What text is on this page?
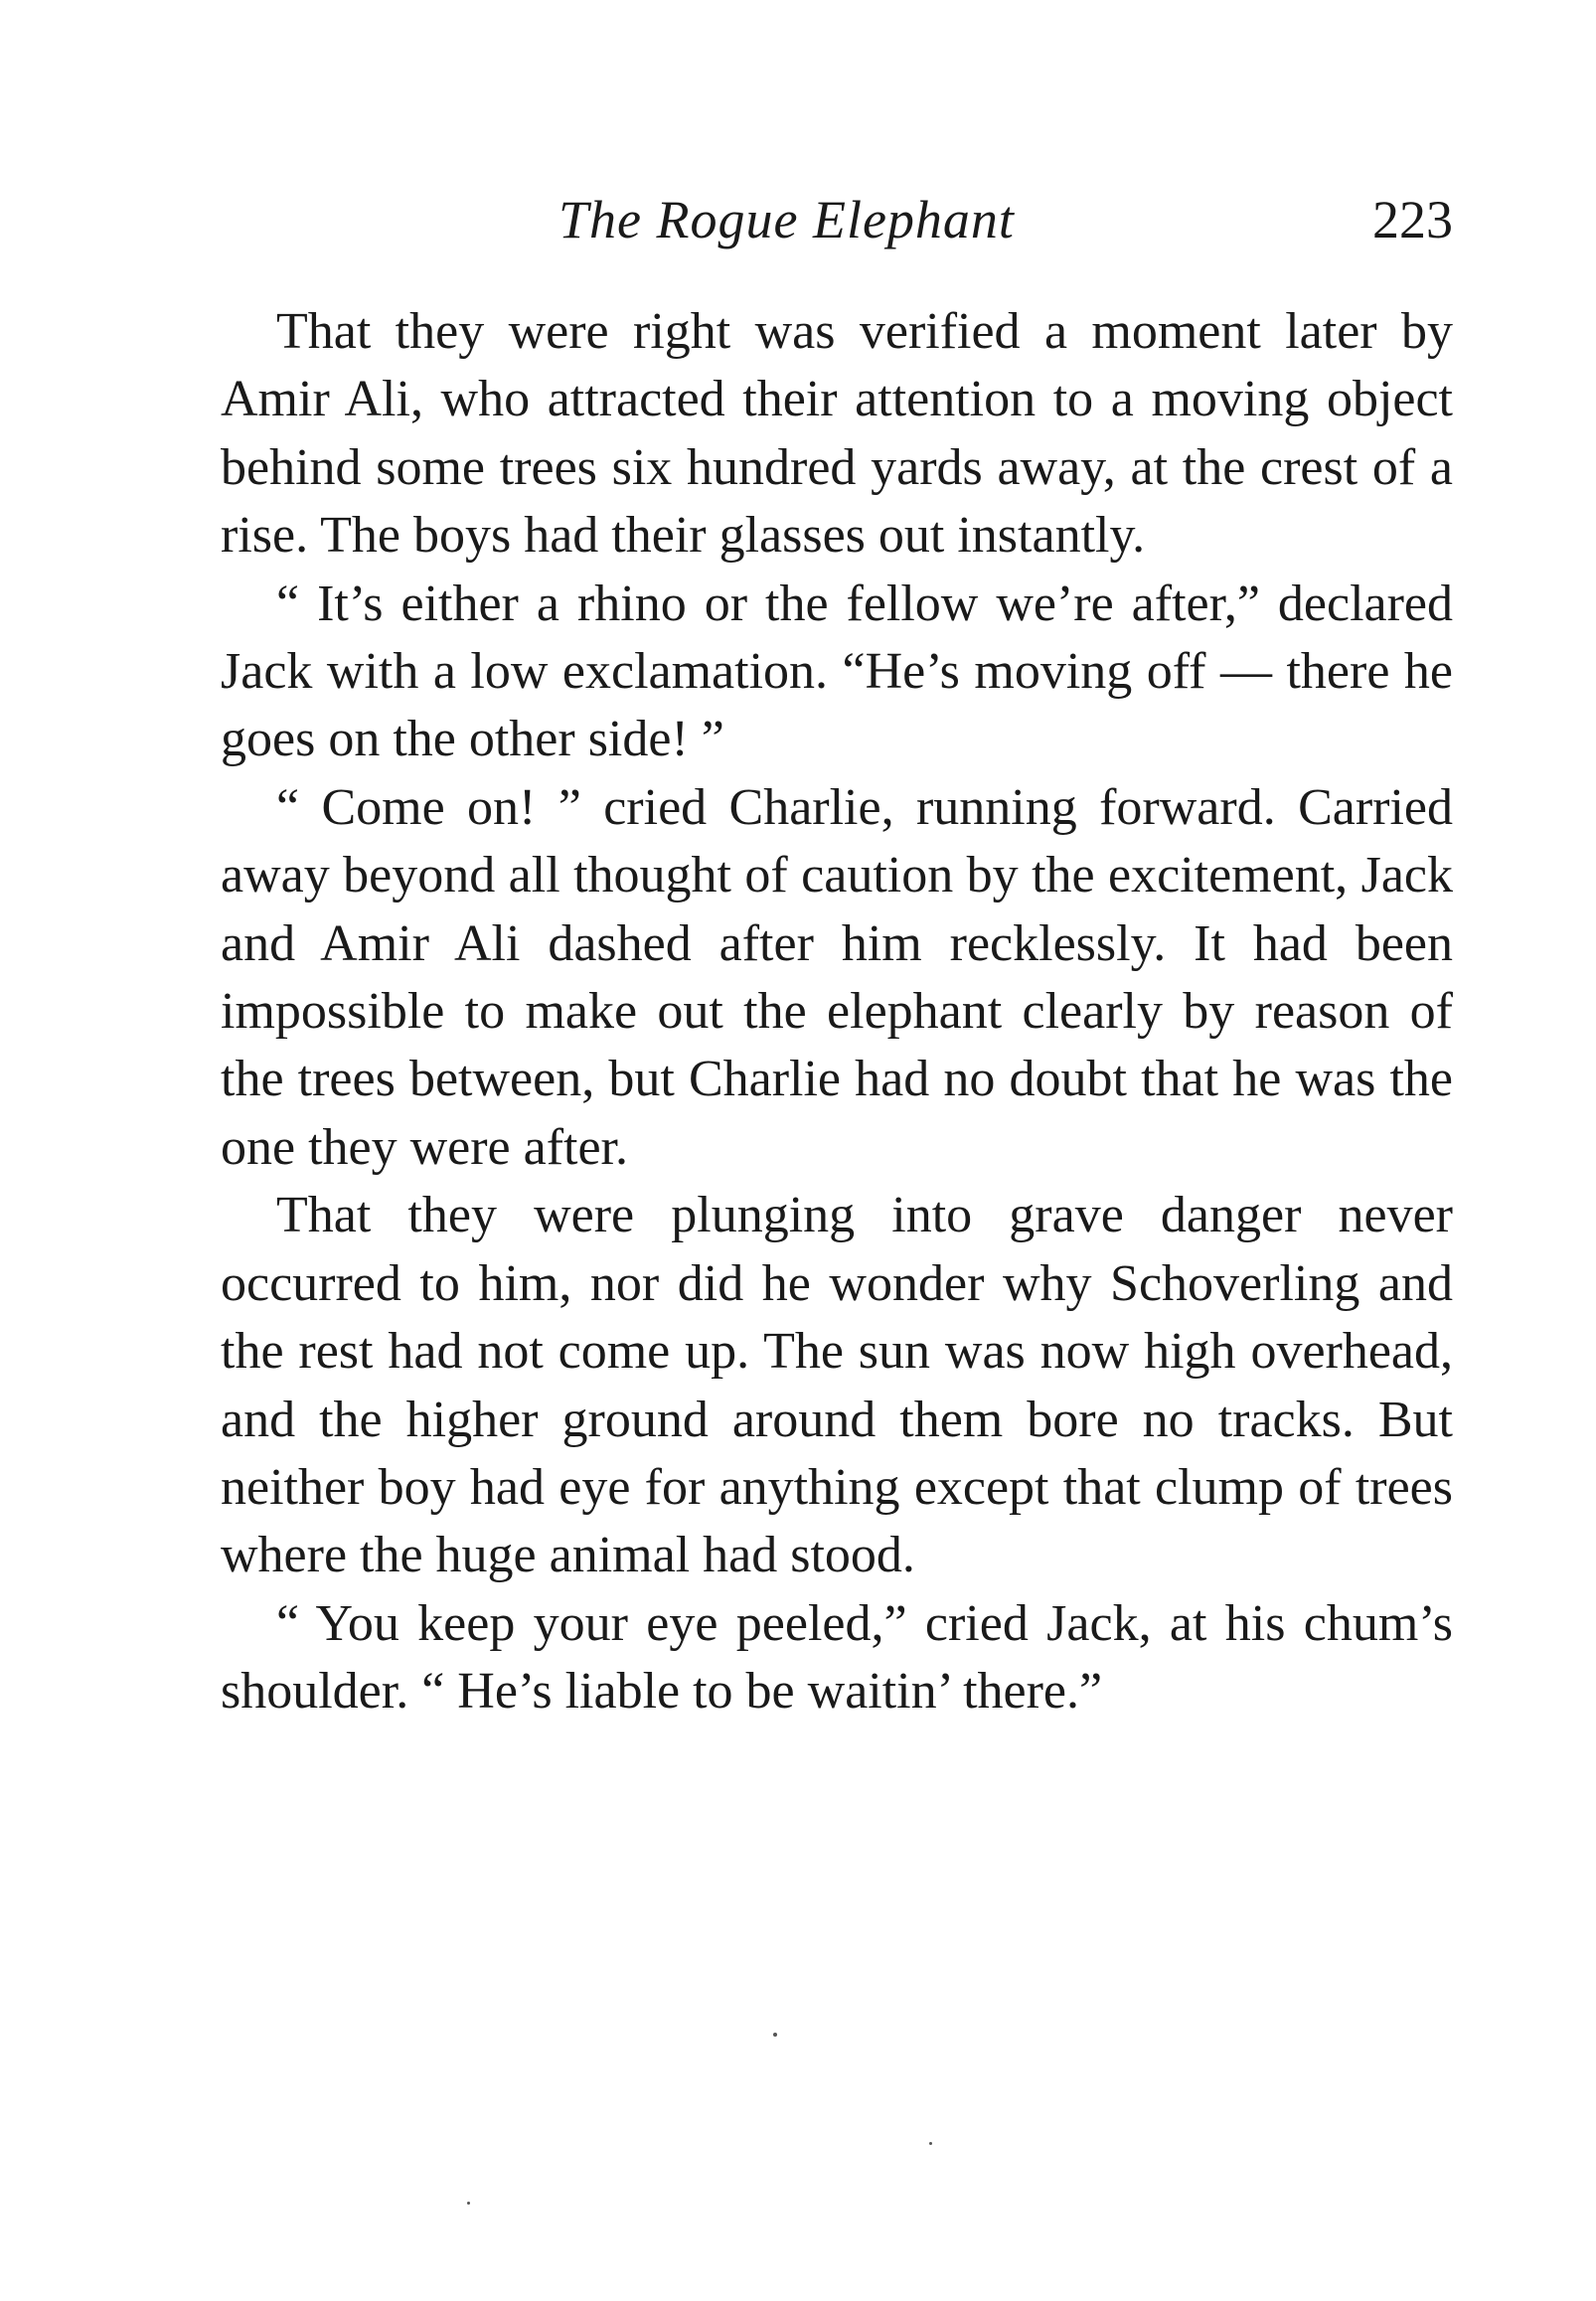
The Rogue Elephant	223

That they were right was verified a moment later by Amir Ali, who attracted their attention to a moving object behind some trees six hundred yards away, at the crest of a rise. The boys had their glasses out instantly.

“ It’s either a rhino or the fellow we’re after,” declared Jack with a low exclamation. “He’s moving off — there he goes on the other side! ”

“ Come on! ” cried Charlie, running forward. Carried away beyond all thought of caution by the excitement, Jack and Amir Ali dashed after him recklessly. It had been impossible to make out the elephant clearly by reason of the trees between, but Charlie had no doubt that he was the one they were after.

That they were plunging into grave danger never occurred to him, nor did he wonder why Schoverling and the rest had not come up. The sun was now high overhead, and the higher ground around them bore no tracks. But neither boy had eye for anything except that clump of trees where the huge animal had stood.

“ You keep your eye peeled,” cried Jack, at his chum’s shoulder. “ He’s liable to be waitin’ there.”
